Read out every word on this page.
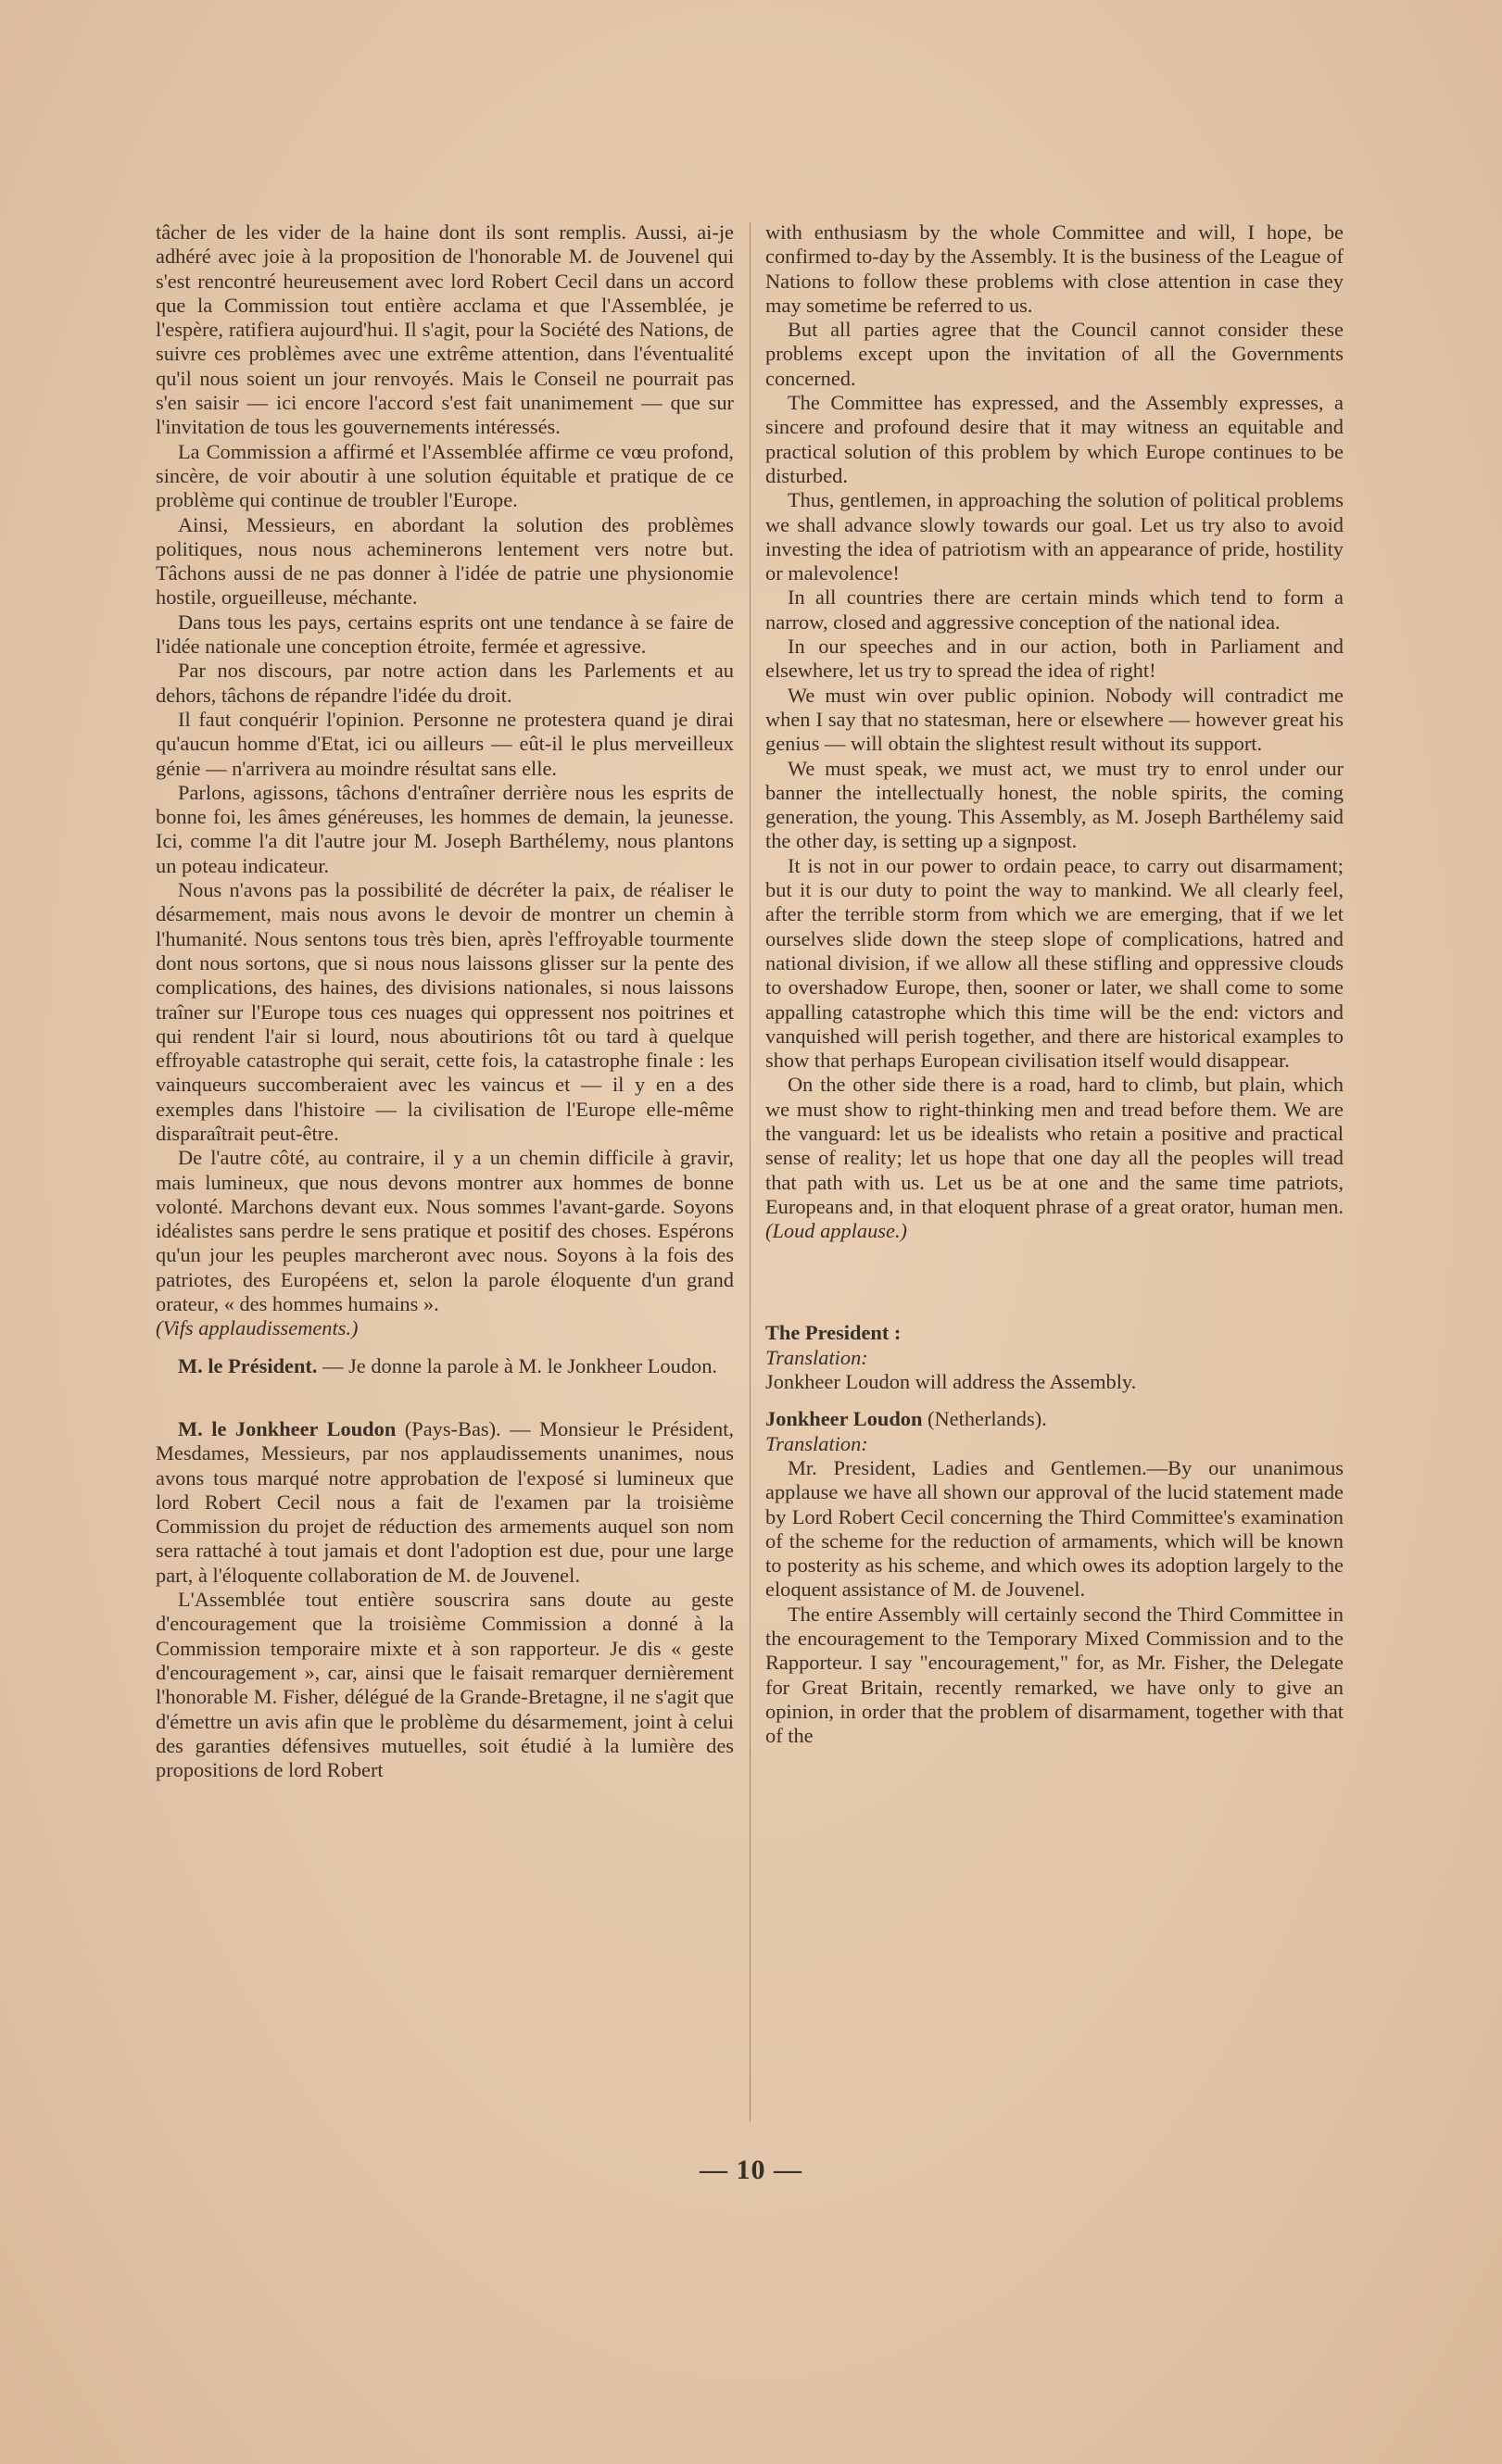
tâcher de les vider de la haine dont ils sont remplis. Aussi, ai-je adhéré avec joie à la proposition de l'honorable M. de Jouvenel qui s'est rencontré heureusement avec lord Robert Cecil dans un accord que la Commission tout entière acclama et que l'Assemblée, je l'espère, ratifiera aujourd'hui. Il s'agit, pour la Société des Nations, de suivre ces problèmes avec une extrême attention, dans l'éventualité qu'il nous soient un jour renvoyés. Mais le Conseil ne pourrait pas s'en saisir — ici encore l'accord s'est fait unanimement — que sur l'invitation de tous les gouvernements intéressés.

La Commission a affirmé et l'Assemblée affirme ce vœu profond, sincère, de voir aboutir à une solution équitable et pratique de ce problème qui continue de troubler l'Europe.

Ainsi, Messieurs, en abordant la solution des problèmes politiques, nous nous acheminerons lentement vers notre but. Tâchons aussi de ne pas donner à l'idée de patrie une physionomie hostile, orgueilleuse, méchante.

Dans tous les pays, certains esprits ont une tendance à se faire de l'idée nationale une conception étroite, fermée et agressive.

Par nos discours, par notre action dans les Parlements et au dehors, tâchons de répandre l'idée du droit.

Il faut conquérir l'opinion. Personne ne protestera quand je dirai qu'aucun homme d'Etat, ici ou ailleurs — eût-il le plus merveilleux génie — n'arrivera au moindre résultat sans elle.

Parlons, agissons, tâchons d'entraîner derrière nous les esprits de bonne foi, les âmes généreuses, les hommes de demain, la jeunesse. Ici, comme l'a dit l'autre jour M. Joseph Barthélemy, nous plantons un poteau indicateur.

Nous n'avons pas la possibilité de décréter la paix, de réaliser le désarmement, mais nous avons le devoir de montrer un chemin à l'humanité. Nous sentons tous très bien, après l'effroyable tourmente dont nous sortons, que si nous nous laissons glisser sur la pente des complications, des haines, des divisions nationales, si nous laissons traîner sur l'Europe tous ces nuages qui oppressent nos poitrines et qui rendent l'air si lourd, nous aboutirions tôt ou tard à quelque effroyable catastrophe qui serait, cette fois, la catastrophe finale : les vainqueurs succomberaient avec les vaincus et — il y en a des exemples dans l'histoire — la civilisation de l'Europe elle-même disparaîtrait peut-être.

De l'autre côté, au contraire, il y a un chemin difficile à gravir, mais lumineux, que nous devons montrer aux hommes de bonne volonté. Marchons devant eux. Nous sommes l'avant-garde. Soyons idéalistes sans perdre le sens pratique et positif des choses. Espérons qu'un jour les peuples marcheront avec nous. Soyons à la fois des patriotes, des Européens et, selon la parole éloquente d'un grand orateur, « des hommes humains ».

(Vifs applaudissements.)

M. le Président. — Je donne la parole à M. le Jonkheer Loudon.

M. le Jonkheer Loudon (Pays-Bas). — Monsieur le Président, Mesdames, Messieurs, par nos applaudissements unanimes, nous avons tous marqué notre approbation de l'exposé si lumineux que lord Robert Cecil nous a fait de l'examen par la troisième Commission du projet de réduction des armements auquel son nom sera rattaché à tout jamais et dont l'adoption est due, pour une large part, à l'éloquente collaboration de M. de Jouvenel.

L'Assemblée tout entière souscrira sans doute au geste d'encouragement que la troisième Commission a donné à la Commission temporaire mixte et à son rapporteur. Je dis « geste d'encouragement », car, ainsi que le faisait remarquer dernièrement l'honorable M. Fisher, délégué de la Grande-Bretagne, il ne s'agit que d'émettre un avis afin que le problème du désarmement, joint à celui des garanties défensives mutuelles, soit étudié à la lumière des propositions de lord Robert

with enthusiasm by the whole Committee and will, I hope, be confirmed to-day by the Assembly. It is the business of the League of Nations to follow these problems with close attention in case they may sometime be referred to us.

But all parties agree that the Council cannot consider these problems except upon the invitation of all the Governments concerned.

The Committee has expressed, and the Assembly expresses, a sincere and profound desire that it may witness an equitable and practical solution of this problem by which Europe continues to be disturbed.

Thus, gentlemen, in approaching the solution of political problems we shall advance slowly towards our goal. Let us try also to avoid investing the idea of patriotism with an appearance of pride, hostility or malevolence!

In all countries there are certain minds which tend to form a narrow, closed and aggressive conception of the national idea.

In our speeches and in our action, both in Parliament and elsewhere, let us try to spread the idea of right!

We must win over public opinion. Nobody will contradict me when I say that no statesman, here or elsewhere — however great his genius — will obtain the slightest result without its support.

We must speak, we must act, we must try to enrol under our banner the intellectually honest, the noble spirits, the coming generation, the young. This Assembly, as M. Joseph Barthélemy said the other day, is setting up a signpost.

It is not in our power to ordain peace, to carry out disarmament; but it is our duty to point the way to mankind. We all clearly feel, after the terrible storm from which we are emerging, that if we let ourselves slide down the steep slope of complications, hatred and national division, if we allow all these stifling and oppressive clouds to overshadow Europe, then, sooner or later, we shall come to some appalling catastrophe which this time will be the end: victors and vanquished will perish together, and there are historical examples to show that perhaps European civilisation itself would disappear.

On the other side there is a road, hard to climb, but plain, which we must show to right-thinking men and tread before them. We are the vanguard: let us be idealists who retain a positive and practical sense of reality; let us hope that one day all the peoples will tread that path with us. Let us be at one and the same time patriots, Europeans and, in that eloquent phrase of a great orator, human men. (Loud applause.)

The President :

Translation:

Jonkheer Loudon will address the Assembly.

Jonkheer Loudon (Netherlands).

Translation:

Mr. President, Ladies and Gentlemen.—By our unanimous applause we have all shown our approval of the lucid statement made by Lord Robert Cecil concerning the Third Committee's examination of the scheme for the reduction of armaments, which will be known to posterity as his scheme, and which owes its adoption largely to the eloquent assistance of M. de Jouvenel.

The entire Assembly will certainly second the Third Committee in the encouragement to the Temporary Mixed Commission and to the Rapporteur. I say "encouragement," for, as Mr. Fisher, the Delegate for Great Britain, recently remarked, we have only to give an opinion, in order that the problem of disarmament, together with that of the

— 10 —
